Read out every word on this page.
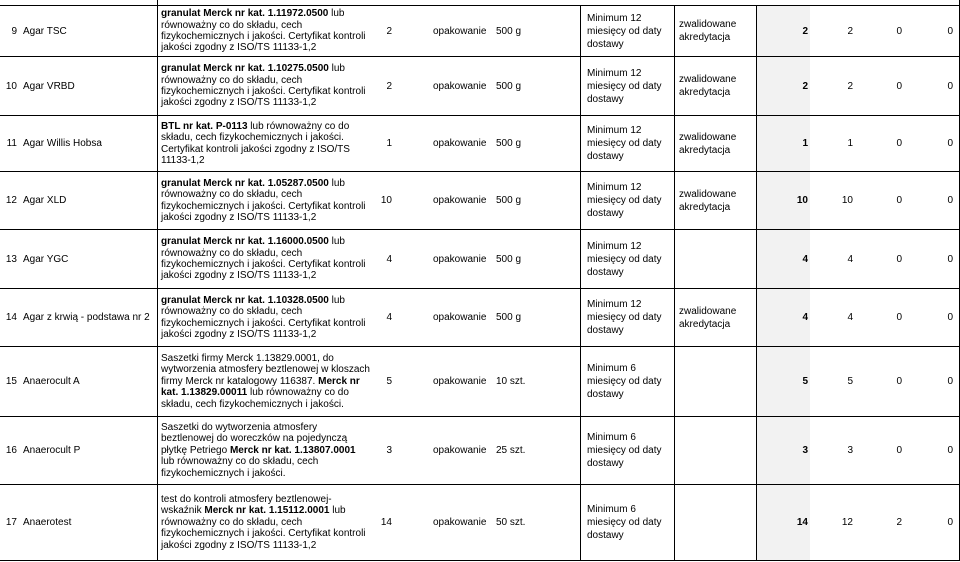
9 Agar TSC
granulat Merck nr kat. 1.11972.0500 lub równoważny co do składu, cech fizykochemicznych i jakości. Certyfikat kontroli jakości zgodny z ISO/TS 11133-1,2
2	opakowanie 500 g
Minimum 12 miesięcy od daty dostawy
zwalidowane akredytacja
2	2	0	0
10 Agar VRBD
granulat Merck nr kat. 1.10275.0500 lub równoważny co do składu, cech fizykochemicznych i jakości. Certyfikat kontroli jakości zgodny z ISO/TS 11133-1,2
2	opakowanie 500 g
Minimum 12 miesięcy od daty dostawy
zwalidowane akredytacja
2	2	0	0
11 Agar Willis Hobsa
BTL nr kat. P-0113 lub równoważny co do składu, cech fizykochemicznych i jakości. Certyfikat kontroli jakości zgodny z ISO/TS 11133-1,2
1	opakowanie 500 g
Minimum 12 miesięcy od daty dostawy
zwalidowane akredytacja
1	1	0	0
12 Agar XLD
granulat Merck nr kat. 1.05287.0500 lub równoważny co do składu, cech fizykochemicznych i jakości. Certyfikat kontroli jakości zgodny z ISO/TS 11133-1,2
10	opakowanie 500 g
Minimum 12 miesięcy od daty dostawy
zwalidowane akredytacja
10	10	0	0
13 Agar YGC
granulat Merck nr kat. 1.16000.0500 lub równoważny co do składu, cech fizykochemicznych i jakości. Certyfikat kontroli jakości zgodny z ISO/TS 11133-1,2
4	opakowanie 500 g
Minimum 12 miesięcy od daty dostawy
4	4	0	0
14 Agar z krwią - podstawa nr 2
granulat Merck nr kat. 1.10328.0500 lub równoważny co do składu, cech fizykochemicznych i jakości. Certyfikat kontroli jakości zgodny z ISO/TS 11133-1,2
4	opakowanie 500 g
Minimum 12 miesięcy od daty dostawy
zwalidowane akredytacja
4	4	0	0
15 Anaerocult A
Saszetki firmy Merck 1.13829.0001, do wytworzenia atmosfery beztlenowej w kloszach firmy Merck nr katalogowy 116387. Merck nr kat. 1.13829.00011 lub równoważny co do składu, cech fizykochemicznych i jakości.
5	opakowanie 10 szt.
Minimum 6 miesięcy od daty dostawy
5	5	0	0
16 Anaerocult P
Saszetki do wytworzenia atmosfery beztlenowej do woreczków na pojedynczą płytkę Petriego Merck nr kat. 1.13807.0001 lub równoważny co do składu, cech fizykochemicznych i jakości.
3	opakowanie 25 szt.
Minimum 6 miesięcy od daty dostawy
3	3	0	0
17 Anaerotest
test do kontroli atmosfery beztlenowej-wskaźnik Merck nr kat. 1.15112.0001 lub równoważny co do składu, cech fizykochemicznych i jakości. Certyfikat kontroli jakości zgodny z ISO/TS 11133-1,2
14	opakowanie 50 szt.
Minimum 6 miesięcy od daty dostawy
14	12	2	0
